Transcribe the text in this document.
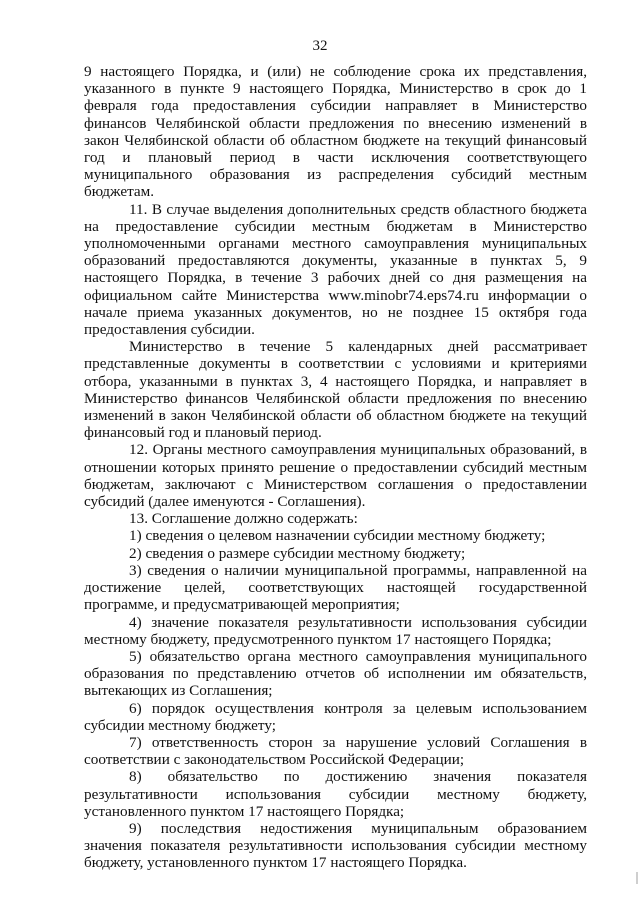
32

9 настоящего Порядка, и (или) не соблюдение срока их представления, указанного в пункте 9 настоящего Порядка, Министерство в срок до 1 февраля года предоставления субсидии направляет в Министерство финансов Челябинской области предложения по внесению изменений в закон Челябинской области об областном бюджете на текущий финансовый год и плановый период в части исключения соответствующего муниципального образования из распределения субсидий местным бюджетам.

11. В случае выделения дополнительных средств областного бюджета на предоставление субсидии местным бюджетам в Министерство уполномоченными органами местного самоуправления муниципальных образований предоставляются документы, указанные в пунктах 5, 9 настоящего Порядка, в течение 3 рабочих дней со дня размещения на официальном сайте Министерства www.minobr74.eps74.ru информации о начале приема указанных документов, но не позднее 15 октября года предоставления субсидии.

Министерство в течение 5 календарных дней рассматривает представленные документы в соответствии с условиями и критериями отбора, указанными в пунктах 3, 4 настоящего Порядка, и направляет в Министерство финансов Челябинской области предложения по внесению изменений в закон Челябинской области об областном бюджете на текущий финансовый год и плановый период.

12. Органы местного самоуправления муниципальных образований, в отношении которых принято решение о предоставлении субсидий местным бюджетам, заключают с Министерством соглашения о предоставлении субсидий (далее именуются - Соглашения).

13. Соглашение должно содержать:

1) сведения о целевом назначении субсидии местному бюджету;

2) сведения о размере субсидии местному бюджету;

3) сведения о наличии муниципальной программы, направленной на достижение целей, соответствующих настоящей государственной программе, и предусматривающей мероприятия;

4) значение показателя результативности использования субсидии местному бюджету, предусмотренного пунктом 17 настоящего Порядка;

5) обязательство органа местного самоуправления муниципального образования по представлению отчетов об исполнении им обязательств, вытекающих из Соглашения;

6) порядок осуществления контроля за целевым использованием субсидии местному бюджету;

7) ответственность сторон за нарушение условий Соглашения в соответствии с законодательством Российской Федерации;

8) обязательство по достижению значения показателя результативности использования субсидии местному бюджету, установленного пунктом 17 настоящего Порядка;

9) последствия недостижения муниципальным образованием значения показателя результативности использования субсидии местному бюджету, установленного пунктом 17 настоящего Порядка.
